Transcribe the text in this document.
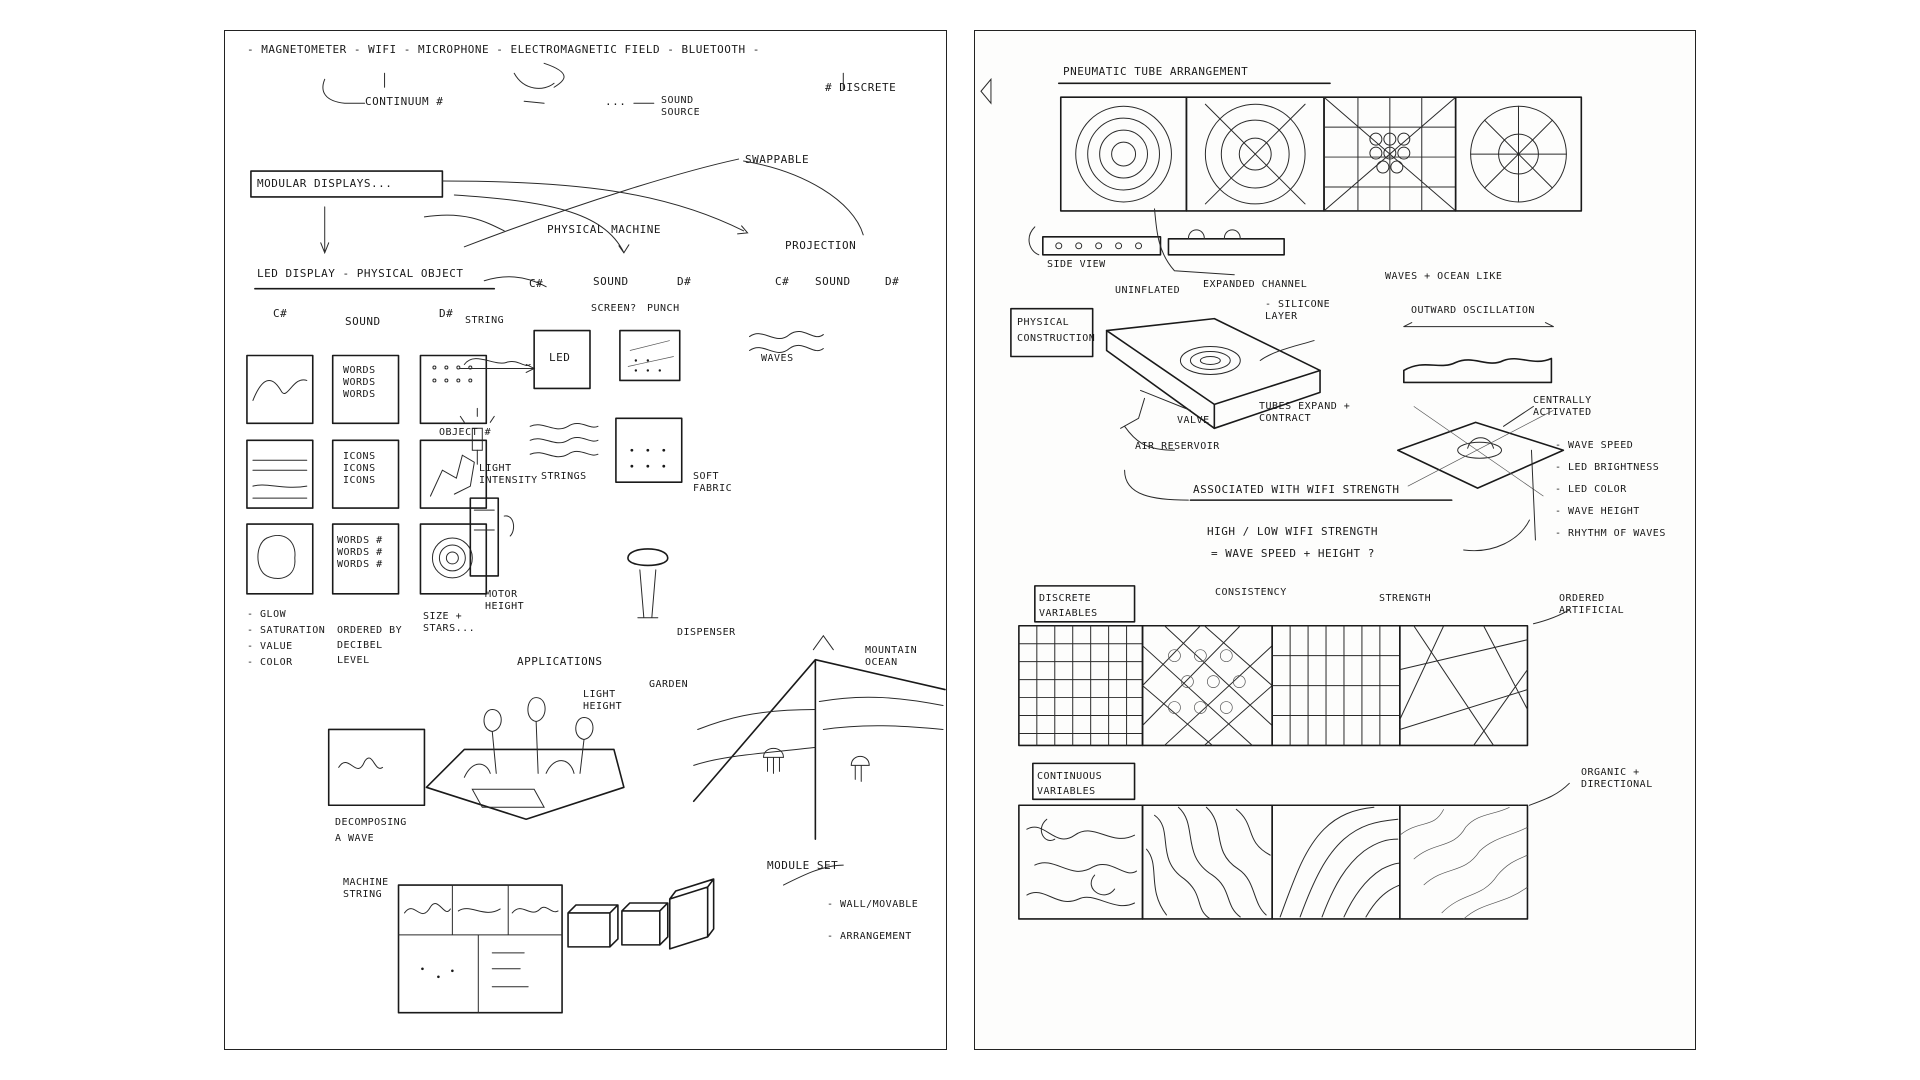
- MAGNETOMETER - WIFI - MICROPHONE - ELECTROMAGNETIC FIELD - BLUETOOTH -
CONTINUUM #	...	SOUND SOURCE
# DISCRETE
MODULAR DISPLAYS...
SWAPPABLE
PHYSICAL MACHINE
PROJECTION
LED DISPLAY - PHYSICAL OBJECT
C#
SOUND
D#
C#	SOUND
SCREEN?
D#	C# SOUND	D#
WORDS WORDS WORDS
ICONS ICONS ICONS
WORDS # WORDS # WORDS #
OBJECT #
- GLOW
- SATURATION
- VALUE
- COLOR
ORDERED BY DECIBEL LEVEL
SIZE + STARS...
STRING
LED
PUNCH
WAVES
LIGHT INTENSITY STRINGS	SOFT FABRIC
MOTOR HEIGHT
DISPENSER
APPLICATIONS
GARDEN
LIGHT HEIGHT
MOUNTAIN OCEAN
DECOMPOSING A WAVE
MACHINE STRING
MODULE SET
- WALL/MOVABLE
- ARRANGEMENT
PNEUMATIC TUBE ARRANGEMENT
SIDE VIEW
UNINFLATED
EXPANDED CHANNEL
- SILICONE LAYER
PHYSICAL CONSTRUCTION
TUBES EXPAND + CONTRACT
VALVE
AIR RESERVOIR
WAVES + OCEAN LIKE
OUTWARD OSCILLATION
CENTRALLY ACTIVATED
- WAVE SPEED
- LED BRIGHTNESS
- LED COLOR
- WAVE HEIGHT
- RHYTHM OF WAVES
ASSOCIATED WITH WIFI STRENGTH
HIGH / LOW WIFI STRENGTH
= WAVE SPEED + HEIGHT ?
CONSISTENCY
STRENGTH
DISCRETE VARIABLES
ORDERED ARTIFICIAL
CONTINUOUS VARIABLES
ORGANIC + DIRECTIONAL
